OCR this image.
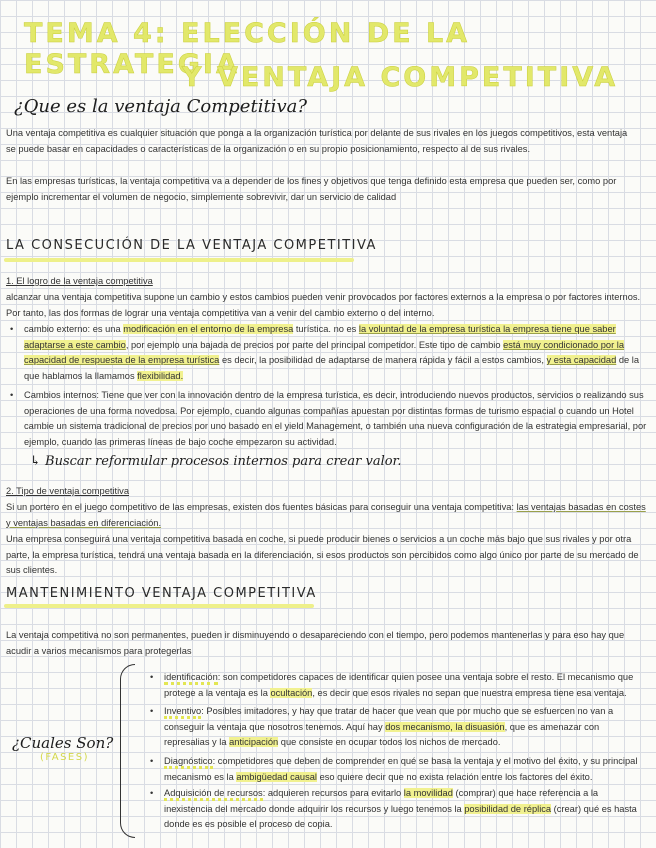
TEMA 4: ELECCIÓN DE LA ESTRATEGIA
Y VENTAJA COMPETITIVA
¿Que es la ventaja Competitiva?
Una ventaja competitiva es cualquier situación que ponga a la organización turística por delante de sus rivales en los juegos competitivos, esta ventaja se puede basar en capacidades o características de la organización o en su propio posicionamiento, respecto al de sus rivales.
En las empresas turísticas, la ventaja competitiva va a depender de los fines y objetivos que tenga definido esta empresa que pueden ser, como por ejemplo incrementar el volumen de negocio, simplemente sobrevivir, dar un servicio de calidad
LA CONSECUCIÓN DE LA VENTAJA COMPETITIVA
1. El logro de la ventaja competitiva
alcanzar una ventaja competitiva supone un cambio y estos cambios pueden venir provocados por factores externos a la empresa o por factores internos. Por tanto, las dos formas de lograr una ventaja competitiva van a venir del cambio externo o del interno.
• cambio externo: es una modificación en el entorno de la empresa turística. no es la voluntad de la empresa turística la empresa tiene que saber adaptarse a este cambio, por ejemplo una bajada de precios por parte del principal competidor. Este tipo de cambio está muy condicionado por la capacidad de respuesta de la empresa turística es decir, la posibilidad de adaptarse de manera rápida y fácil a estos cambios, y esta capacidad de la que hablamos la llamamos flexibilidad.
• Cambios internos: Tiene que ver con la innovación dentro de la empresa turística, es decir, introduciendo nuevos productos, servicios o realizando sus operaciones de una forma novedosa. Por ejemplo, cuando algunas compañías apuestan por distintas formas de turismo espacial o cuando un Hotel cambie un sistema tradicional de precios por uno basado en el yield Management, o también una nueva configuración de la estrategia empresarial, por ejemplo, cuando las primeras líneas de bajo coche empezaron su actividad.
↳ Buscar reformular procesos internos para crear valor.
2. Tipo de ventaja competitiva
Si un portero en el juego competitivo de las empresas, existen dos fuentes básicas para conseguir una ventaja competitiva: las ventajas basadas en costes y ventajas basadas en diferenciación.
Una empresa conseguirá una ventaja competitiva basada en coche, si puede producir bienes o servicios a un coche más bajo que sus rivales y por otra parte, la empresa turística, tendrá una ventaja basada en la diferenciación, si esos productos son percibidos como algo único por parte de su mercado de sus clientes.
MANTENIMIENTO VENTAJA COMPETITIVA
La ventaja competitiva no son permanentes, pueden ir disminuyendo o desapareciendo con el tiempo, pero podemos mantenerlas y para eso hay que acudir a varios mecanismos para protegerlas
¿Cuales Son?
(FASES)
• identificación: son competidores capaces de identificar quien posee una ventaja sobre el resto. El mecanismo que protege a la ventaja es la ocultación, es decir que esos rivales no sepan que nuestra empresa tiene esa ventaja.
• Inventivo: Posibles imitadores, y hay que tratar de hacer que vean que por mucho que se esfuercen no van a conseguir la ventaja que nosotros tenemos. Aquí hay dos mecanismo, la disuasión, que es amenazar con represalias y la anticipación que consiste en ocupar todos los nichos de mercado.
• Diagnóstico: competidores que deben de comprender en qué se basa la ventaja y el motivo del éxito, y su principal mecanismo es la ambigüedad causal eso quiere decir que no exista relación entre los factores del éxito.
• Adquisición de recursos: adquieren recursos para evitarlo la movilidad (comprar) que hace referencia a la inexistencia del mercado donde adquirir los recursos y luego tenemos la posibilidad de réplica (crear) qué es hasta donde es es posible el proceso de copia.
